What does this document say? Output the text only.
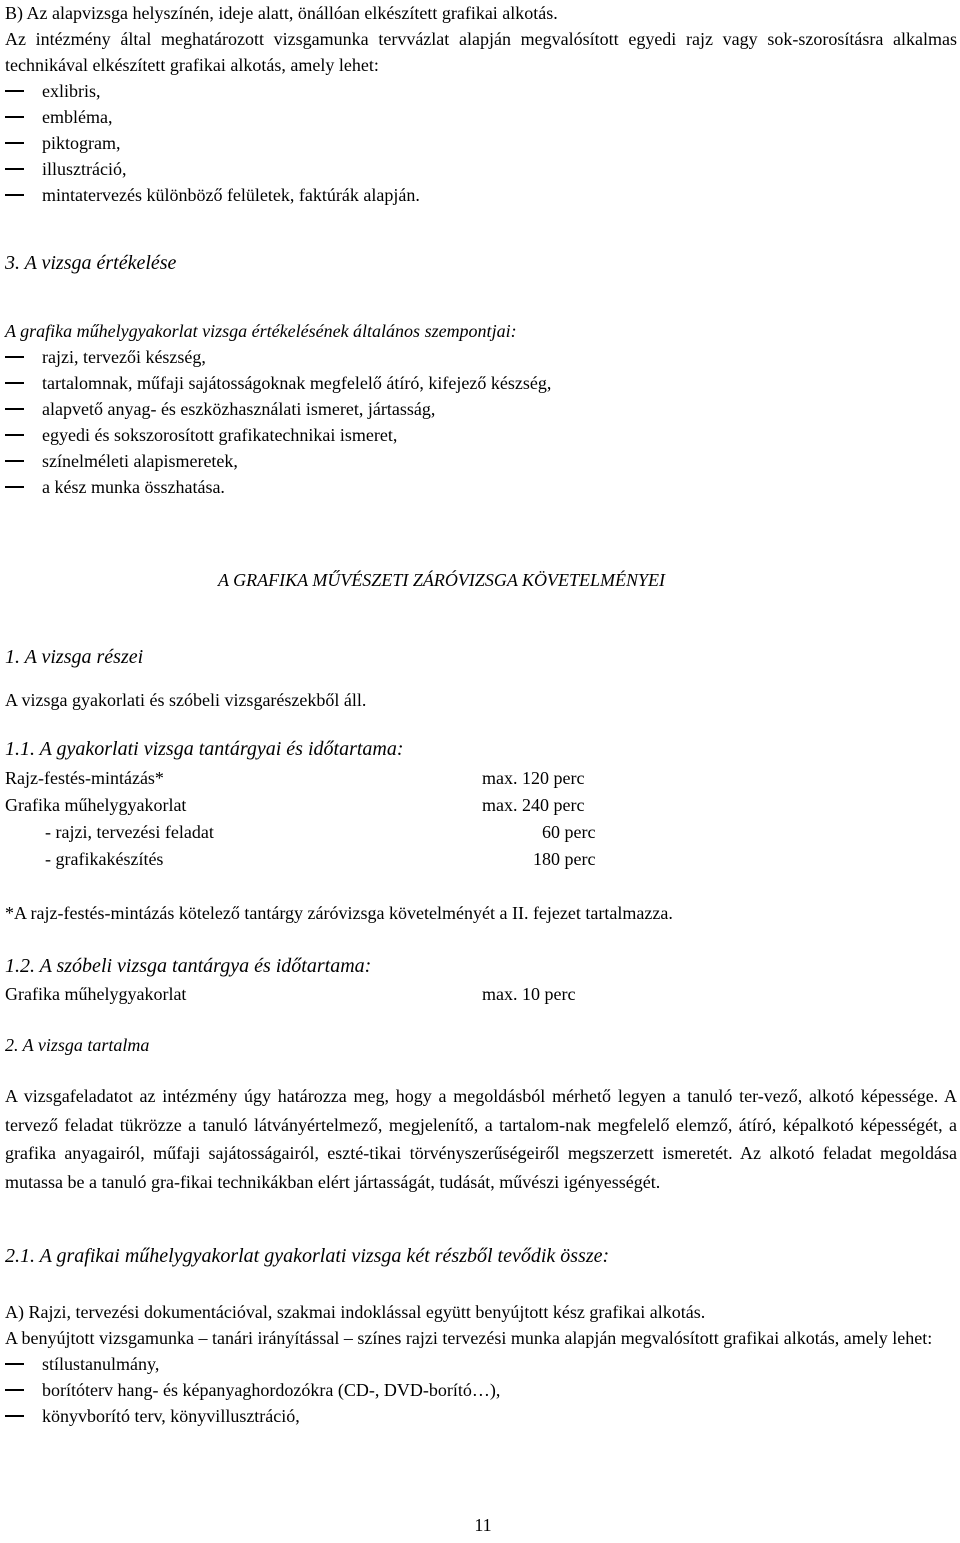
B) Az alapvizsga helyszínén, ideje alatt, önállóan elkészített grafikai alkotás.
Az intézmény által meghatározott vizsgamunka tervvázlat alapján megvalósított egyedi rajz vagy sok-szorosításra alkalmas technikával elkészített grafikai alkotás, amely lehet:
exlibris,
embléma,
piktogram,
illusztráció,
mintatervezés különböző felületek, faktúrák alapján.
3. A vizsga értékelése
A grafika műhelygyakorlat vizsga értékelésének általános szempontjai:
rajzi, tervezői készség,
tartalomnak, műfaji sajátosságoknak megfelelő átíró, kifejező készség,
alapvető anyag- és eszközhasználati ismeret, jártasság,
egyedi és sokszorosított grafikatechnikai ismeret,
színelméleti alapismeretek,
a kész munka összhatása.
A GRAFIKA MŰVÉSZETI ZÁRÓVIZSGA KÖVETELMÉNYEI
1. A vizsga részei
A vizsga gyakorlati és szóbeli vizsgarészekből áll.
1.1. A gyakorlati vizsga tantárgyai és időtartama:
Rajz-festés-mintázás*	max. 120 perc
Grafika műhelygyakorlat	max. 240 perc
- rajzi, tervezési feladat	60 perc
- grafikakészítés	180 perc
*A rajz-festés-mintázás kötelező tantárgy záróvizsga követelményét a II. fejezet tartalmazza.
1.2. A szóbeli vizsga tantárgya és időtartama:
Grafika műhelygyakorlat	max. 10 perc
2. A vizsga tartalma
A vizsgafeladatot az intézmény úgy határozza meg, hogy a megoldásból mérhető legyen a tanuló ter-vező, alkotó képessége. A tervező feladat tükrözze a tanuló látványértelmező, megjelenítő, a tartalom-nak megfelelő elemző, átíró, képalkotó képességét, a grafika anyagairól, műfaji sajátosságairól, eszté-tikai törvényszerűségeiről megszerzett ismeretét. Az alkotó feladat megoldása mutassa be a tanuló gra-fikai technikákban elért jártasságát, tudását, művészi igényességét.
2.1. A grafikai műhelygyakorlat gyakorlati vizsga két részből tevődik össze:
A) Rajzi, tervezési dokumentációval, szakmai indoklással együtt benyújtott kész grafikai alkotás.
A benyújtott vizsgamunka – tanári irányítással – színes rajzi tervezési munka alapján megvalósított grafikai alkotás, amely lehet:
stílustanulmány,
borítóterv hang- és képanyaghordozókra (CD-, DVD-borító…),
könyvborító terv, könyvillusztráció,
11
